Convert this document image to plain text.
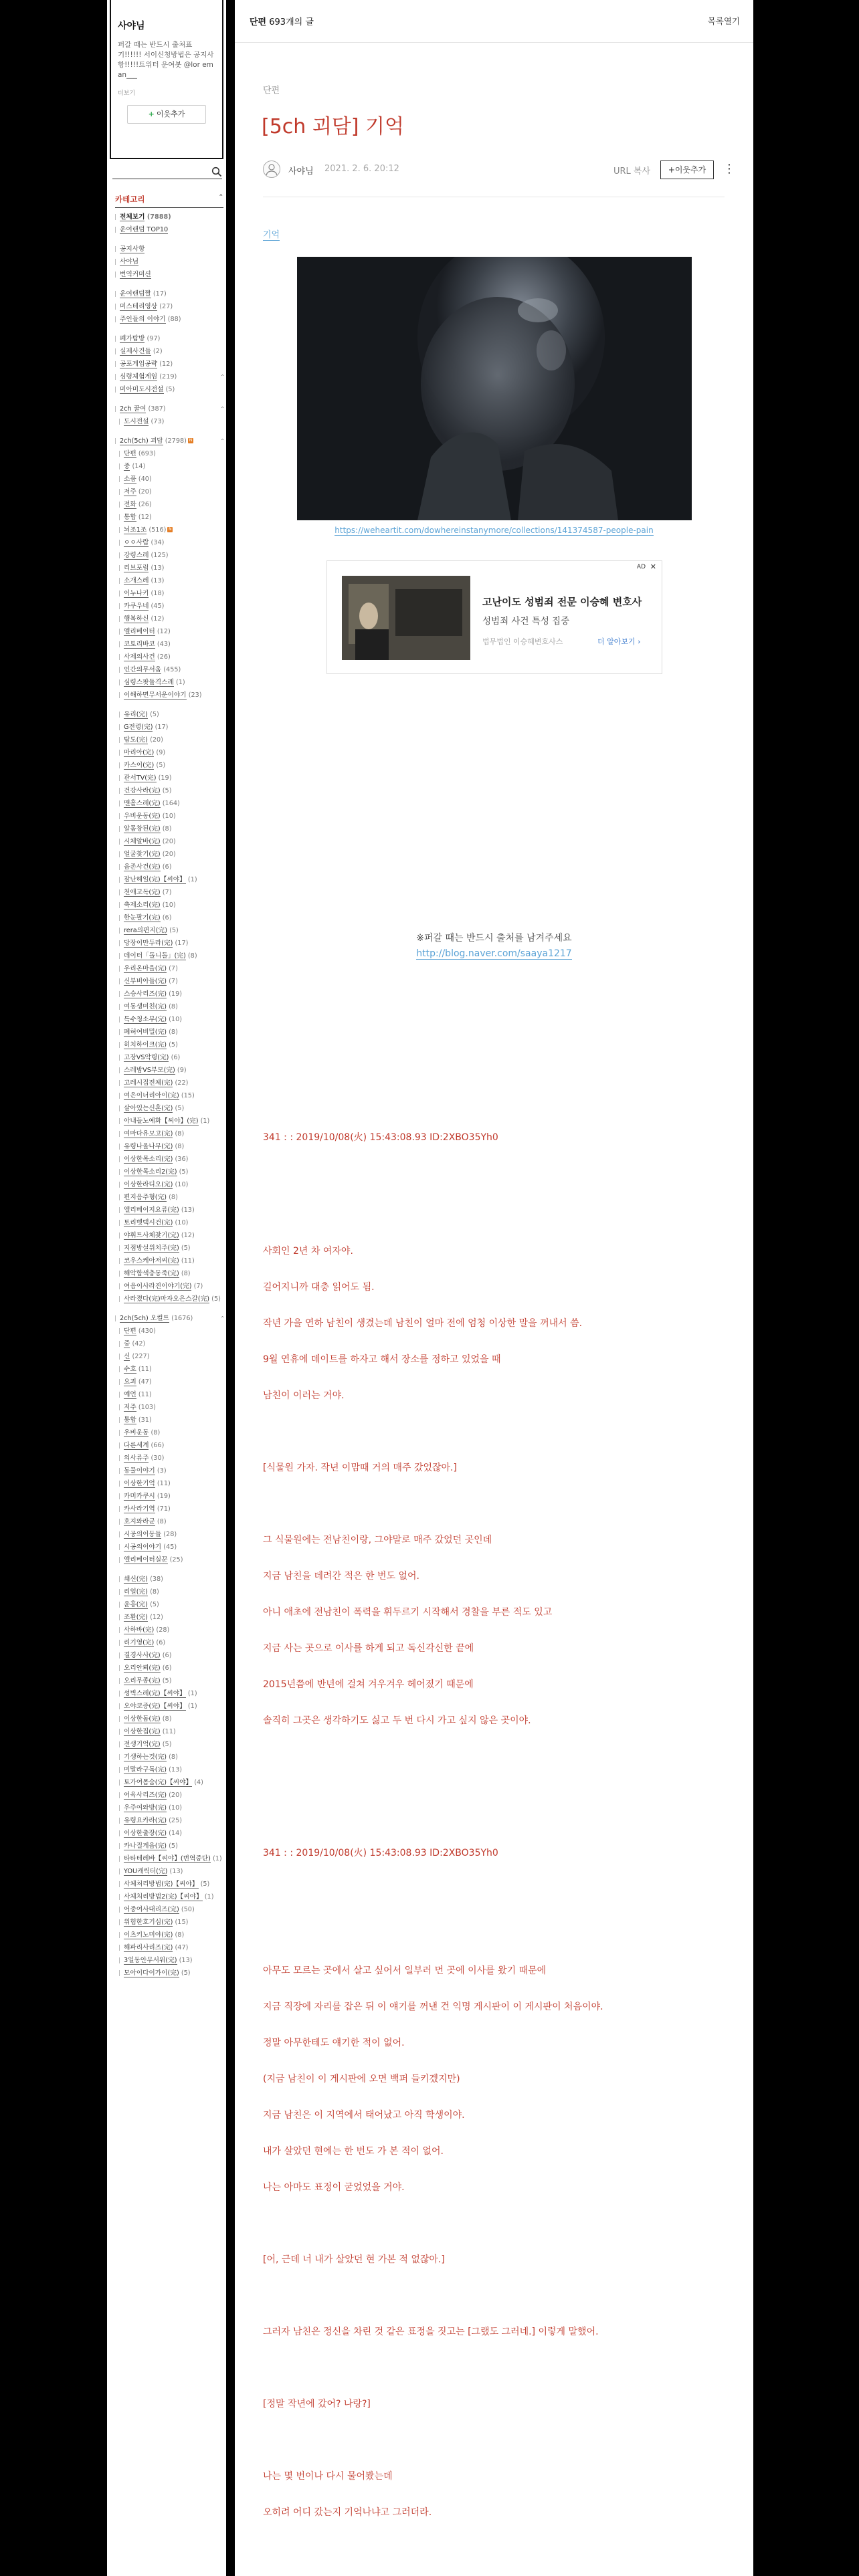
사야님
퍼갈 때는 반드시 출처표기!!!!!! 서이신청방법은 공지사항!!!!!트위터 운여봇 @lor eman___
더보기
+ 이웃추가
카테고리	⌃
전체보기 (7888)
운여랜덤 TOP10
공지사항
사야님
번역커미션
운여랜덤짤 (17)
미스테리영상 (27)
주인들의 이야기 (88)
폐가탐방 (97)
실제사건들 (2)
공포게임공략 (12)
심령체험게임 (219)	⌃
미아미도시전설 (5)
2ch 꿀여 (387)	⌃
도시전설 (73)
2ch(5ch) 괴담 (2798) N	⌃
단편 (693)
중 (14)
소품 (40)
저주 (20)
전화 (26)
통합 (12)
뇌조1조 (516) N
ㅇㅇ사람 (34)
강령스레 (125)
리브포럼 (13)
소개스레 (13)
이누나키 (18)
카쿠우네 (45)
행복하신 (12)
엘리베이터 (12)
코토리바코 (43)
사제의사건 (26)
인간의무서움 (455)
심령스팟돌격스레 (1)
이해하면무서운이야기 (23)
유리(完) (5)
G전령(完) (17)
탐도(完) (20)
마리아(完) (9)
카스이(完) (5)
관서TV(完) (19)
건강사라(完) (5)
맨홀스레(完) (164)
우비운동(完) (10)
알몸창된(完) (8)
시체알바(完) (20)
얼굴찾기(完) (20)
음존사건(完) (6)
잠난해일(完)【씨야】 (1)
천애고독(完) (7)
축제소리(完) (10)
한눈팔기(完) (6)
rera의편지(完) (5)
당장이만두라(完) (17)
데이터「돌니돌」(完) (8)
우리온마을(完) (7)
신부비아들(完) (7)
스승사리즈(完) (19)
여동생미친(完) (8)
특수청소부(完) (10)
폐허여비밀(完) (8)
히치하이크(完) (5)
고장VS악령(完) (6)
스레밤VS부모(完) (9)
고레시집전체(完) (22)
여은이너리아이(完) (15)
살아있는신혼(完) (5)
아내들노예화【씨야】(完) (1)
여마다유모고(完) (8)
유령나올나무(完) (8)
이상한목소리(完) (36)
이상한목소리2(完) (5)
이상한라디오(完) (10)
편지음주형(完) (8)
엘리베이지요류(完) (13)
토리벳택시건(完) (10)
야휘트사체찾기(完) (12)
지점방설위치주(完) (5)
코우스케아저씨(完) (11)
해악합색충동죽(完) (8)
여음이사라진이야기(完) (7)
사라졌다(完)마자오은스갈(完) (5)
2ch(5ch) 오컬트 (1676)	⌃
단편 (430)
중 (42)
신 (227)
수호 (11)
요괴 (47)
예언 (11)
저주 (103)
통합 (31)
우비운동 (8)
다른세계 (66)
의사류주 (30)
동물이야기 (3)
이상한기억 (11)
카미카쿠시 (19)
카사라기역 (71)
호지와라군 (8)
시공의이동들 (28)
시공의이야기 (45)
엘리베이터실꾼 (25)
쇄신(完) (38)
리얼(完) (8)
윤흥(完) (5)
조환(完) (12)
사하바(完) (28)
리기영(完) (6)
결경사사(完) (6)
오리안뢰(完) (6)
오리무종(完) (5)
성벽스레(完)【씨야】 (1)
오야코증(完)【씨야】 (1)
이상한돔(完) (8)
이상한집(完) (11)
전생기억(完) (5)
기생하는것(完) (8)
미말라구독(完) (13)
토가여몸숨(完)【씨야】 (4)
어육사리즈(完) (20)
우주여와방(完) (10)
유령요카라(完) (25)
이상한출장(完) (14)
카나질게음(完) (5)
타타테레바【씨야】(번역중단) (1)
YOU캐릭터(完) (13)
사체처리방법(完)【씨야】 (5)
사체처리방법2(完)【씨야】 (1)
어중여사대리즈(完) (50)
위험한호기심(完) (15)
이츠키노미야(完) (8)
해파리사리즈(完) (47)
3일동안무서워(完) (13)
모아이다이가이(完) (5)
단편 693개의 글	목록열기
단편
[5ch 괴담] 기억
사야님 2021. 2. 6. 20:12	URL 복사	+이웃추가	⋮
기억
https://weheartit.com/dowhereinstanymore/collections/141374587-people-pain
AD ✕
고난이도 성범죄 전문 이승혜 변호사
성범죄 사건 특성 집중
법무법인 이승혜변호사스	더 알아보기 ›
※퍼갈 때는 반드시 출처를 남겨주세요
http://blog.naver.com/saaya1217
341 : : 2019/10/08(火) 15:43:08.93 ID:2XBO35Yh0
사회인 2년 차 여자야.
길어지니까 대충 읽어도 됨.
작년 가을 연하 남친이 생겼는데 남친이 얼마 전에 엄청 이상한 말을 꺼내서 씀.
9월 연휴에 데이트를 하자고 해서 장소를 정하고 있었을 때
남친이 이러는 거야.
[식물원 가자. 작년 이맘때 거의 매주 갔었잖아.]
그 식물원에는 전남친이랑, 그야말로 매주 갔었던 곳인데
지금 남친을 데려간 적은 한 번도 없어.
아니 애초에 전남친이 폭력을 휘두르기 시작해서 경찰을 부른 적도 있고
지금 사는 곳으로 이사를 하게 되고 독신각신한 끝에
2015년쯤에 반년에 걸쳐 겨우겨우 헤어졌기 때문에
솔직히 그곳은 생각하기도 싫고 두 번 다시 가고 싶지 않은 곳이야.
341 : : 2019/10/08(火) 15:43:08.93 ID:2XBO35Yh0
아무도 모르는 곳에서 살고 싶어서 일부러 먼 곳에 이사를 왔기 때문에
지금 직장에 자리를 잡은 뒤 이 얘기를 꺼낸 건 익명 게시판이 이 게시판이 처음이야.
정말 아무한테도 얘기한 적이 없어.
(지금 남친이 이 게시판에 오면 백퍼 들키겠지만)
지금 남친은 이 지역에서 태어났고 아직 학생이야.
내가 살았던 현에는 한 번도 가 본 적이 없어.
나는 아마도 표정이 굳었었을 거야.
[어, 근데 너 내가 살았던 현 가본 적 없잖아.]
그러자 남친은 정신을 차린 것 같은 표정을 짓고는 [그랬도 그러네.] 이렇게 말했어.
[정말 작년에 갔어? 나랑?]
나는 몇 번이나 다시 물어봤는데
오히려 어디 갔는지 기억나냐고 그러더라.
